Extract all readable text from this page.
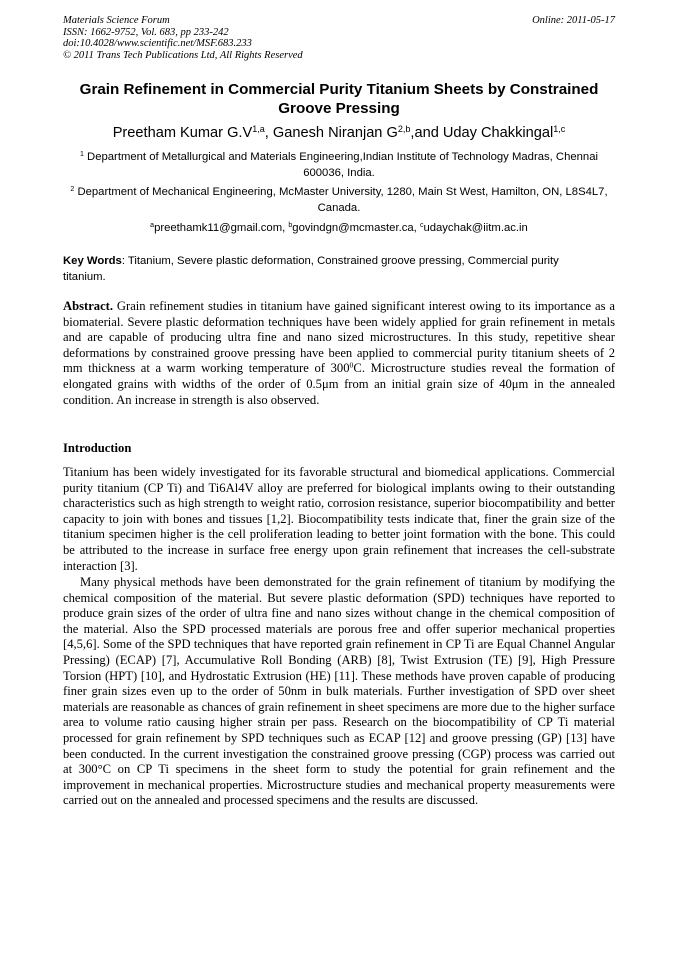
Materials Science Forum
ISSN: 1662-9752, Vol. 683, pp 233-242
doi:10.4028/www.scientific.net/MSF.683.233
© 2011 Trans Tech Publications Ltd, All Rights Reserved
Online: 2011-05-17
Grain Refinement in Commercial Purity Titanium Sheets by Constrained Groove Pressing
Preetham Kumar $G.V^{1,a}$, Ganesh Niranjan G$^{2,b}$,and Uday Chakkingal$^{1,c}$
$^1$ Department of Metallurgical and Materials Engineering,Indian Institute of Technology Madras, Chennai 600036, India.
$^2$ Department of Mechanical Engineering, McMaster University, 1280, Main St West, Hamilton, ON, L8S4L7, Canada.
$^a$preethamk11@gmail.com, $^b$govindgn@mcmaster.ca, $^c$udaychak@iitm.ac.in
Key Words: Titanium, Severe plastic deformation, Constrained groove pressing, Commercial purity titanium.
Abstract. Grain refinement studies in titanium have gained significant interest owing to its importance as a biomaterial. Severe plastic deformation techniques have been widely applied for grain refinement in metals and are capable of producing ultra fine and nano sized microstructures. In this study, repetitive shear deformations by constrained groove pressing have been applied to commercial purity titanium sheets of 2 mm thickness at a warm working temperature of $300^0C$. Microstructure studies reveal the formation of elongated grains with widths of the order of 0.5μm from an initial grain size of 40μm in the annealed condition. An increase in strength is also observed.
Introduction
Titanium has been widely investigated for its favorable structural and biomedical applications. Commercial purity titanium (CP Ti) and Ti6Al4V alloy are preferred for biological implants owing to their outstanding characteristics such as high strength to weight ratio, corrosion resistance, superior biocompatibility and better capacity to join with bones and tissues [1,2]. Biocompatibility tests indicate that, finer the grain size of the titanium specimen higher is the cell proliferation leading to better joint formation with the bone. This could be attributed to the increase in surface free energy upon grain refinement that increases the cell-substrate interaction [3].
Many physical methods have been demonstrated for the grain refinement of titanium by modifying the chemical composition of the material. But severe plastic deformation (SPD) techniques have reported to produce grain sizes of the order of ultra fine and nano sizes without change in the chemical composition of the material. Also the SPD processed materials are porous free and offer superior mechanical properties [4,5,6]. Some of the SPD techniques that have reported grain refinement in CP Ti are Equal Channel Angular Pressing) (ECAP) [7], Accumulative Roll Bonding (ARB) [8], Twist Extrusion (TE) [9], High Pressure Torsion (HPT) [10], and Hydrostatic Extrusion (HE) [11]. These methods have proven capable of producing finer grain sizes even up to the order of 50nm in bulk materials. Further investigation of SPD over sheet materials are reasonable as chances of grain refinement in sheet specimens are more due to the higher surface area to volume ratio causing higher strain per pass. Research on the biocompatibility of CP Ti material processed for grain refinement by SPD techniques such as ECAP [12] and groove pressing (GP) [13] have been conducted. In the current investigation the constrained groove pressing (CGP) process was carried out at 300°C on CP Ti specimens in the sheet form to study the potential for grain refinement and the improvement in mechanical properties. Microstructure studies and mechanical property measurements were carried out on the annealed and processed specimens and the results are discussed.
